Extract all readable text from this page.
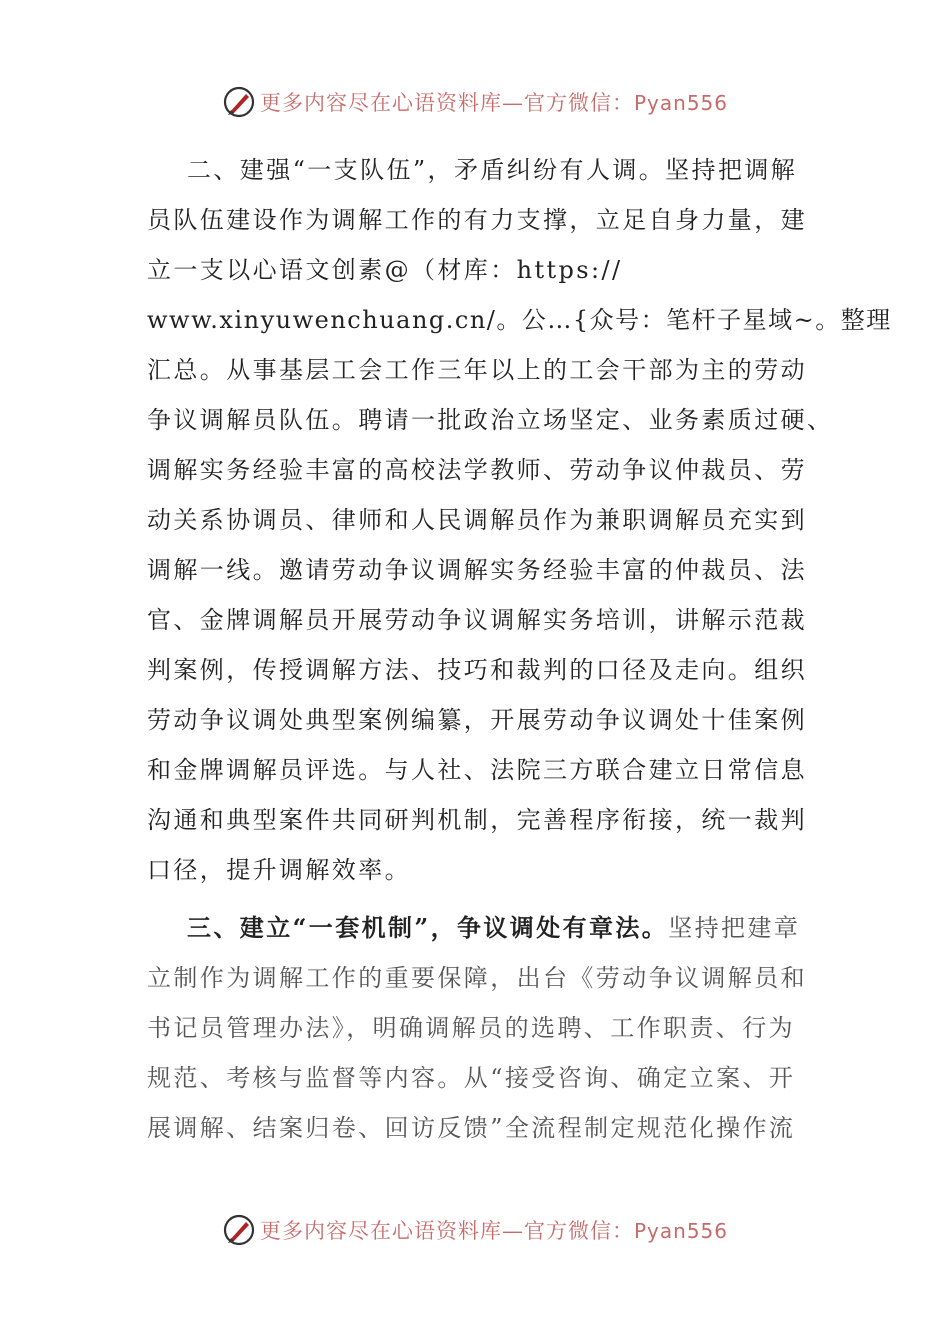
更多内容尽在心语资料库—官方微信：Pyan556
二、建强“一支队伍”，矛盾纠纷有人调。坚持把调解
员队伍建设作为调解工作的有力支撑，立足自身力量，建
立一支以心语文创素@（材库：https://
www.xinyuwenchuang.cn/。公…{众号：笔杆子星域~。整理
汇总。从事基层工会工作三年以上的工会干部为主的劳动
争议调解员队伍。聘请一批政治立场坚定、业务素质过硬、
调解实务经验丰富的高校法学教师、劳动争议仲裁员、劳
动关系协调员、律师和人民调解员作为兼职调解员充实到
调解一线。邀请劳动争议调解实务经验丰富的仲裁员、法
官、金牌调解员开展劳动争议调解实务培训，讲解示范裁
判案例，传授调解方法、技巧和裁判的口径及走向。组织
劳动争议调处典型案例编纂，开展劳动争议调处十佳案例
和金牌调解员评选。与人社、法院三方联合建立日常信息
沟通和典型案件共同研判机制，完善程序衔接，统一裁判
口径，提升调解效率。
三、建立“一套机制”，争议调处有章法。坚持把建章
立制作为调解工作的重要保障，出台《劳动争议调解员和
书记员管理办法》，明确调解员的选聘、工作职责、行为
规范、考核与监督等内容。从“接受咨询、确定立案、开
展调解、结案归卷、回访反馈”全流程制定规范化操作流
更多内容尽在心语资料库—官方微信：Pyan556
